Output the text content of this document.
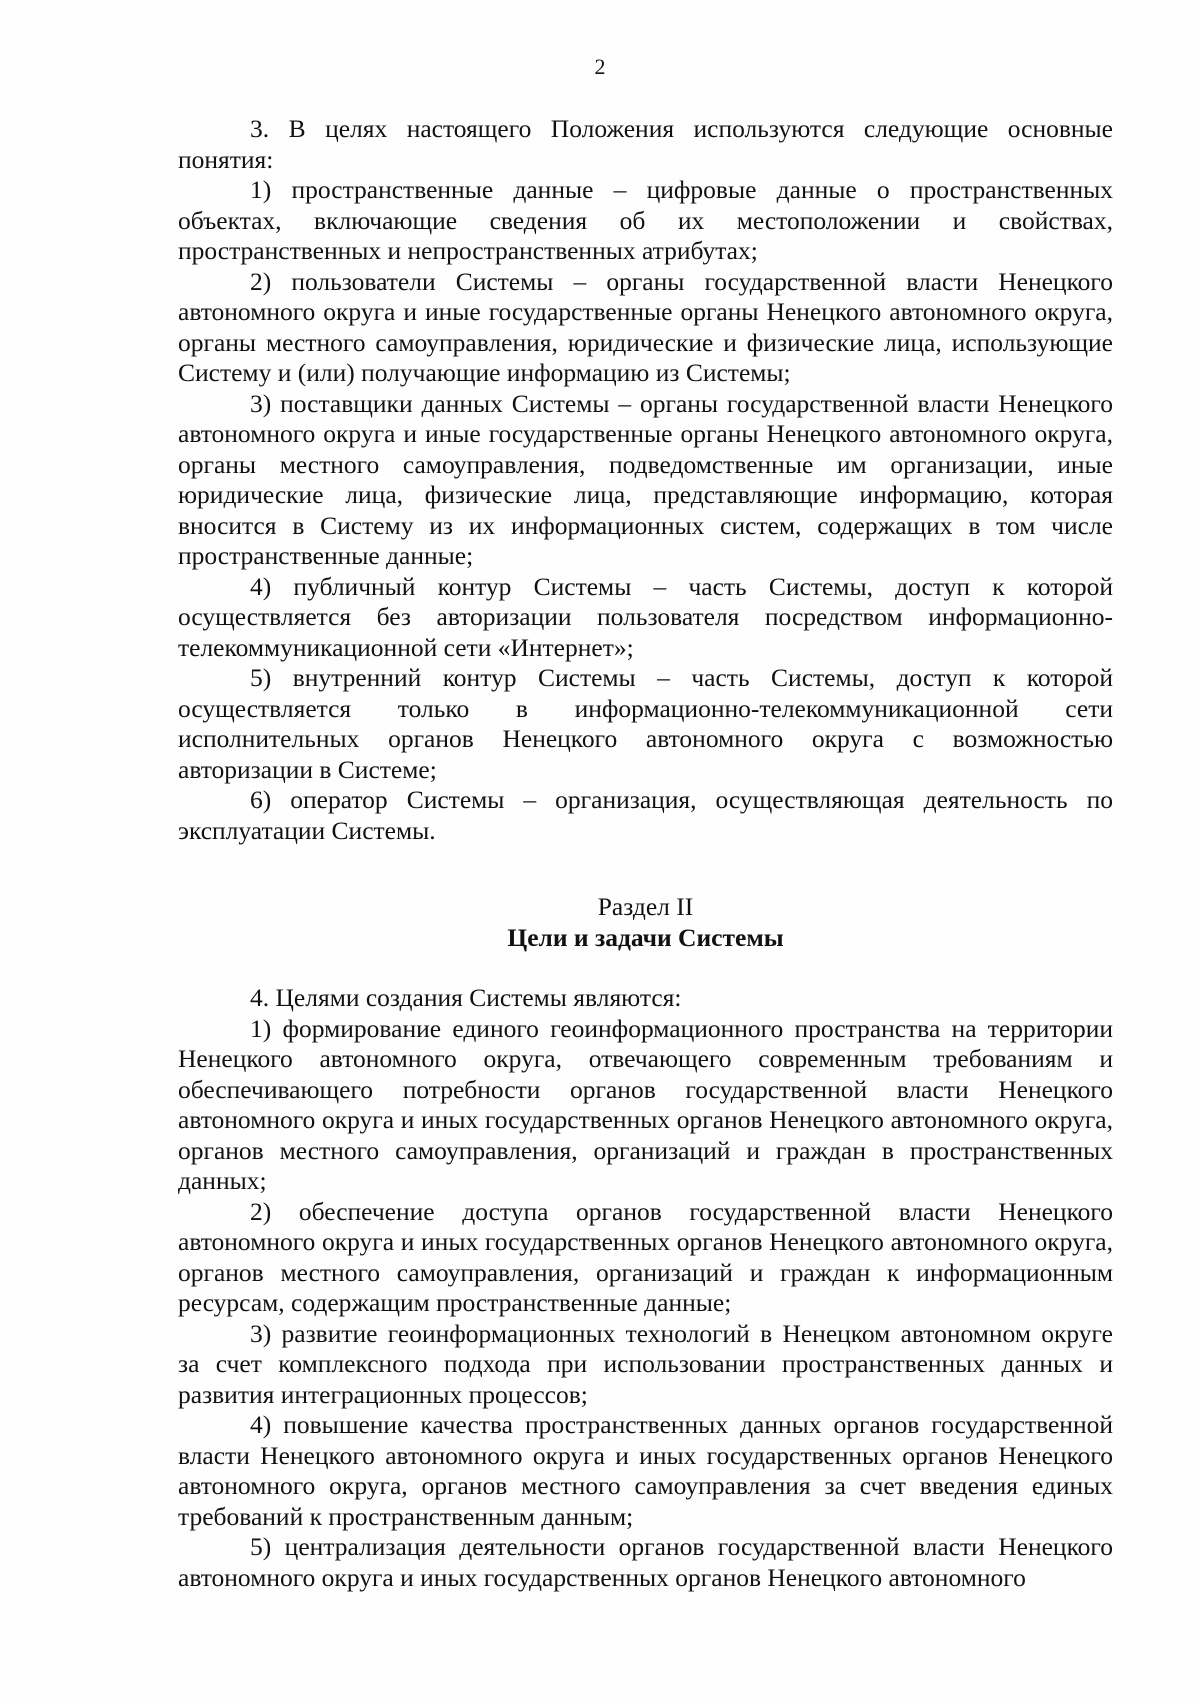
2

3. В целях настоящего Положения используются следующие основные понятия:

1) пространственные данные – цифровые данные о пространственных объектах, включающие сведения об их местоположении и свойствах, пространственных и непространственных атрибутах;

2) пользователи Системы – органы государственной власти Ненецкого автономного округа и иные государственные органы Ненецкого автономного округа, органы местного самоуправления, юридические и физические лица, использующие Систему и (или) получающие информацию из Системы;

3) поставщики данных Системы – органы государственной власти Ненецкого автономного округа и иные государственные органы Ненецкого автономного округа, органы местного самоуправления, подведомственные им организации, иные юридические лица, физические лица, представляющие информацию, которая вносится в Систему из их информационных систем, содержащих в том числе пространственные данные;

4) публичный контур Системы – часть Системы, доступ к которой осуществляется без авторизации пользователя посредством информационно-телекоммуникационной сети «Интернет»;

5) внутренний контур Системы – часть Системы, доступ к которой осуществляется только в информационно-телекоммуникационной сети исполнительных органов Ненецкого автономного округа с возможностью авторизации в Системе;

6) оператор Системы – организация, осуществляющая деятельность по эксплуатации Системы.

Раздел II

Цели и задачи Системы

4. Целями создания Системы являются:

1) формирование единого геоинформационного пространства на территории Ненецкого автономного округа, отвечающего современным требованиям и обеспечивающего потребности органов государственной власти Ненецкого автономного округа и иных государственных органов Ненецкого автономного округа, органов местного самоуправления, организаций и граждан в пространственных данных;

2) обеспечение доступа органов государственной власти Ненецкого автономного округа и иных государственных органов Ненецкого автономного округа, органов местного самоуправления, организаций и граждан к информационным ресурсам, содержащим пространственные данные;

3) развитие геоинформационных технологий в Ненецком автономном округе за счет комплексного подхода при использовании пространственных данных и развития интеграционных процессов;

4) повышение качества пространственных данных органов государственной власти Ненецкого автономного округа и иных государственных органов Ненецкого автономного округа, органов местного самоуправления за счет введения единых требований к пространственным данным;

5) централизация деятельности органов государственной власти Ненецкого автономного округа и иных государственных органов Ненецкого автономного
